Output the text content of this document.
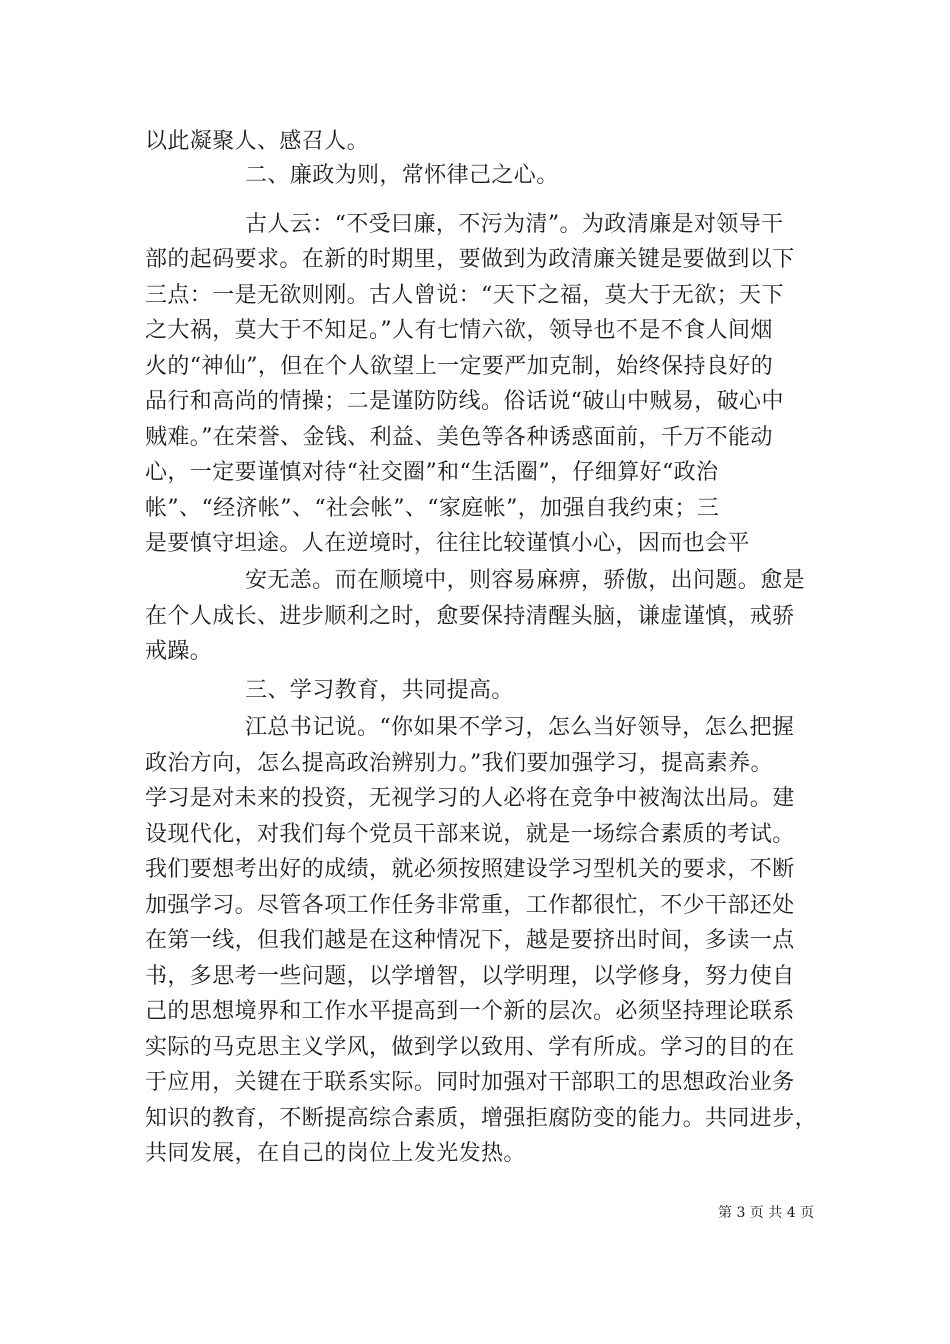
以此凝聚人、感召人。
二、廉政为则，常怀律己之心。
古人云：“不受曰廉，不污为清”。为政清廉是对领导干
部的起码要求。在新的时期里，要做到为政清廉关键是要做到以下
三点：一是无欲则刚。古人曾说：“天下之福，莫大于无欲；天下
之大祸，莫大于不知足。”人有七情六欲，领导也不是不食人间烟
火的“神仙”，但在个人欲望上一定要严加克制，始终保持良好的
品行和高尚的情操；二是谨防防线。俗话说“破山中贼易，破心中
贼难。”在荣誉、金钱、利益、美色等各种诱惑面前，千万不能动
心，一定要谨慎对待“社交圈”和“生活圈”，仔细算好“政治
帐”、“经济帐”、“社会帐”、“家庭帐”，加强自我约束；三
是要慎守坦途。人在逆境时，往往比较谨慎小心，因而也会平
安无恙。而在顺境中，则容易麻痹，骄傲，出问题。愈是
在个人成长、进步顺利之时，愈要保持清醒头脑，谦虚谨慎，戒骄
戒躁。
三、学习教育，共同提高。
江总书记说。“你如果不学习，怎么当好领导，怎么把握
政治方向，怎么提高政治辨别力。”我们要加强学习，提高素养。
学习是对未来的投资，无视学习的人必将在竞争中被淘汰出局。建
设现代化，对我们每个党员干部来说，就是一场综合素质的考试。
我们要想考出好的成绩，就必须按照建设学习型机关的要求，不断
加强学习。尽管各项工作任务非常重，工作都很忙，不少干部还处
在第一线，但我们越是在这种情况下，越是要挤出时间，多读一点
书，多思考一些问题，以学增智，以学明理，以学修身，努力使自
己的思想境界和工作水平提高到一个新的层次。必须坚持理论联系
实际的马克思主义学风，做到学以致用、学有所成。学习的目的在
于应用，关键在于联系实际。同时加强对干部职工的思想政治业务
知识的教育，不断提高综合素质，增强拒腐防变的能力。共同进步，
共同发展，在自己的岗位上发光发热。
第 3 页 共 4 页
